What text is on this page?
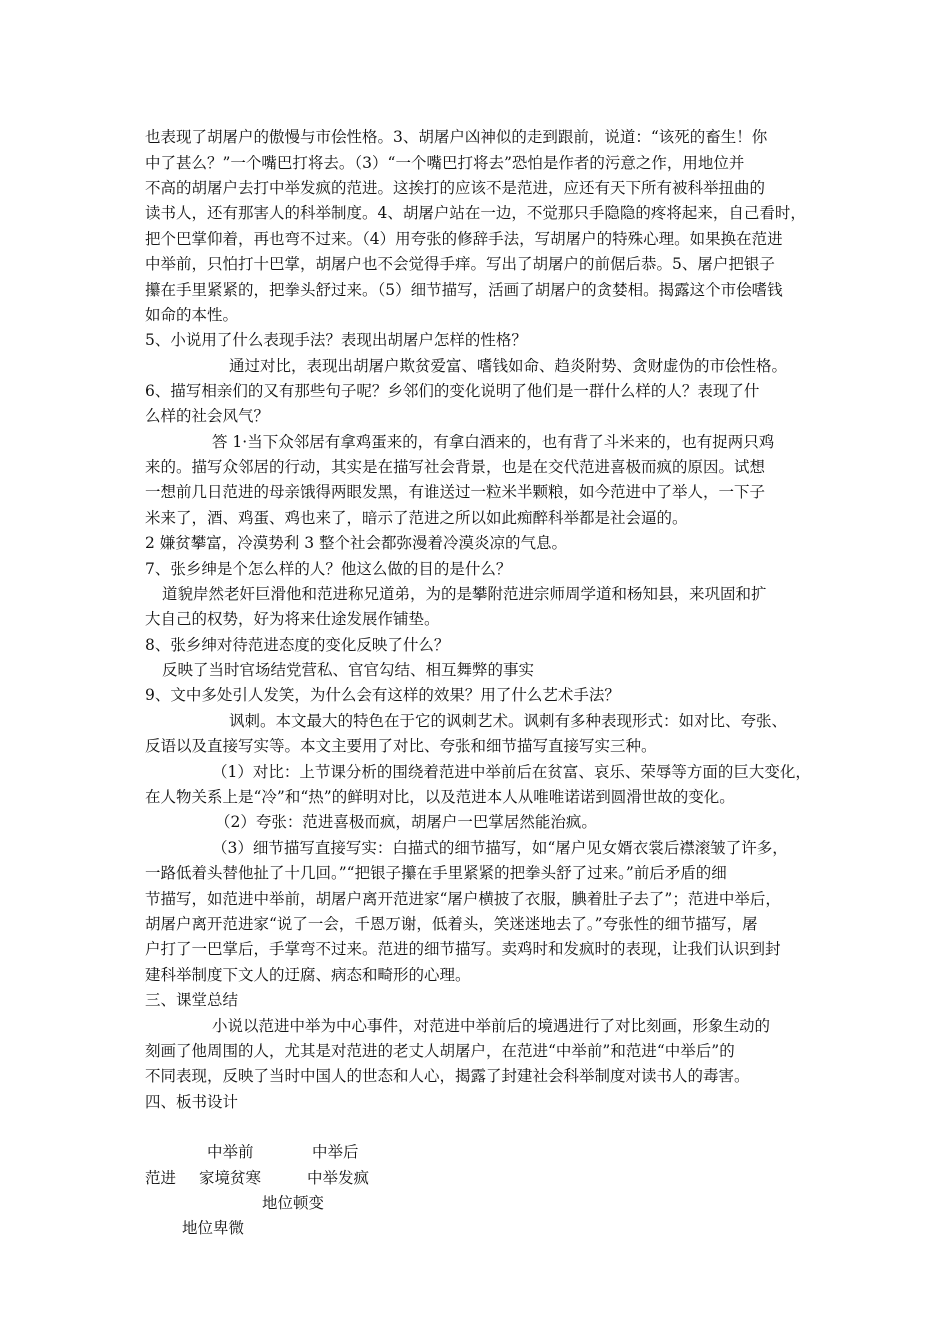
也表现了胡屠户的傲慢与市侩性格。3、胡屠户凶神似的走到跟前，说道：“该死的畜生！你
中了甚么？”一个嘴巴打将去。（3）“一个嘴巴打将去”恐怕是作者的污意之作，用地位并
不高的胡屠户去打中举发疯的范进。这挨打的应该不是范进，应还有天下所有被科举扭曲的
读书人，还有那害人的科举制度。4、胡屠户站在一边，不觉那只手隐隐的疼将起来，自己看时，
把个巴掌仰着，再也弯不过来。（4）用夸张的修辞手法，写胡屠户的特殊心理。如果换在范进
中举前，只怕打十巴掌，胡屠户也不会觉得手痒。写出了胡屠户的前倨后恭。5、屠户把银子
攥在手里紧紧的，把拳头舒过来。（5）细节描写，活画了胡屠户的贪婪相。揭露这个市侩嗜钱
如命的本性。
5、小说用了什么表现手法？表现出胡屠户怎样的性格？
通过对比，表现出胡屠户欺贫爱富、嗜钱如命、趋炎附势、贪财虚伪的市侩性格。
6、描写相亲们的又有那些句子呢？乡邻们的变化说明了他们是一群什么样的人？表现了什
么样的社会风气？
答 1·当下众邻居有拿鸡蛋来的，有拿白酒来的，也有背了斗米来的，也有捉两只鸡
来的。描写众邻居的行动，其实是在描写社会背景，也是在交代范进喜极而疯的原因。试想
一想前几日范进的母亲饿得两眼发黑，有谁送过一粒米半颗粮，如今范进中了举人，一下子
米来了，酒、鸡蛋、鸡也来了，暗示了范进之所以如此痴醉科举都是社会逼的。
2 嫌贫攀富，冷漠势利 3 整个社会都弥漫着冷漠炎凉的气息。
7、张乡绅是个怎么样的人？他这么做的目的是什么？
道貌岸然老奸巨滑他和范进称兄道弟，为的是攀附范进宗师周学道和杨知县，来巩固和扩
大自己的权势，好为将来仕途发展作铺垫。
8、张乡绅对待范进态度的变化反映了什么？
反映了当时官场结党营私、官官勾结、相互舞弊的事实
9、文中多处引人发笑，为什么会有这样的效果？用了什么艺术手法？
讽刺。本文最大的特色在于它的讽刺艺术。讽刺有多种表现形式：如对比、夸张、
反语以及直接写实等。本文主要用了对比、夸张和细节描写直接写实三种。
（1）对比：上节课分析的围绕着范进中举前后在贫富、哀乐、荣辱等方面的巨大变化，
在人物关系上是“冷”和“热”的鲜明对比，以及范进本人从唯唯诺诺到圆滑世故的变化。
（2）夸张：范进喜极而疯，胡屠户一巴掌居然能治疯。
（3）细节描写直接写实：白描式的细节描写，如“屠户见女婿衣裳后襟滚皱了许多，
一路低着头替他扯了十几回。”“把银子攥在手里紧紧的把拳头舒了过来。”前后矛盾的细
节描写，如范进中举前，胡屠户离开范进家“屠户横披了衣服，腆着肚子去了”；范进中举后，
胡屠户离开范进家“说了一会，千恩万谢，低着头，笑迷迷地去了。”夸张性的细节描写，屠
户打了一巴掌后，手掌弯不过来。范进的细节描写。卖鸡时和发疯时的表现，让我们认识到封
建科举制度下文人的迂腐、病态和畸形的心理。
三、课堂总结
小说以范进中举为中心事件，对范进中举前后的境遇进行了对比刻画，形象生动的
刻画了他周围的人，尤其是对范进的老丈人胡屠户，在范进“中举前”和范进“中举后”的
不同表现，反映了当时中国人的世态和人心，揭露了封建社会科举制度对读书人的毒害。
四、板书设计
中举前	中举后
范进 家境贫寒	中举发疯
地位顿变
地位卑微
